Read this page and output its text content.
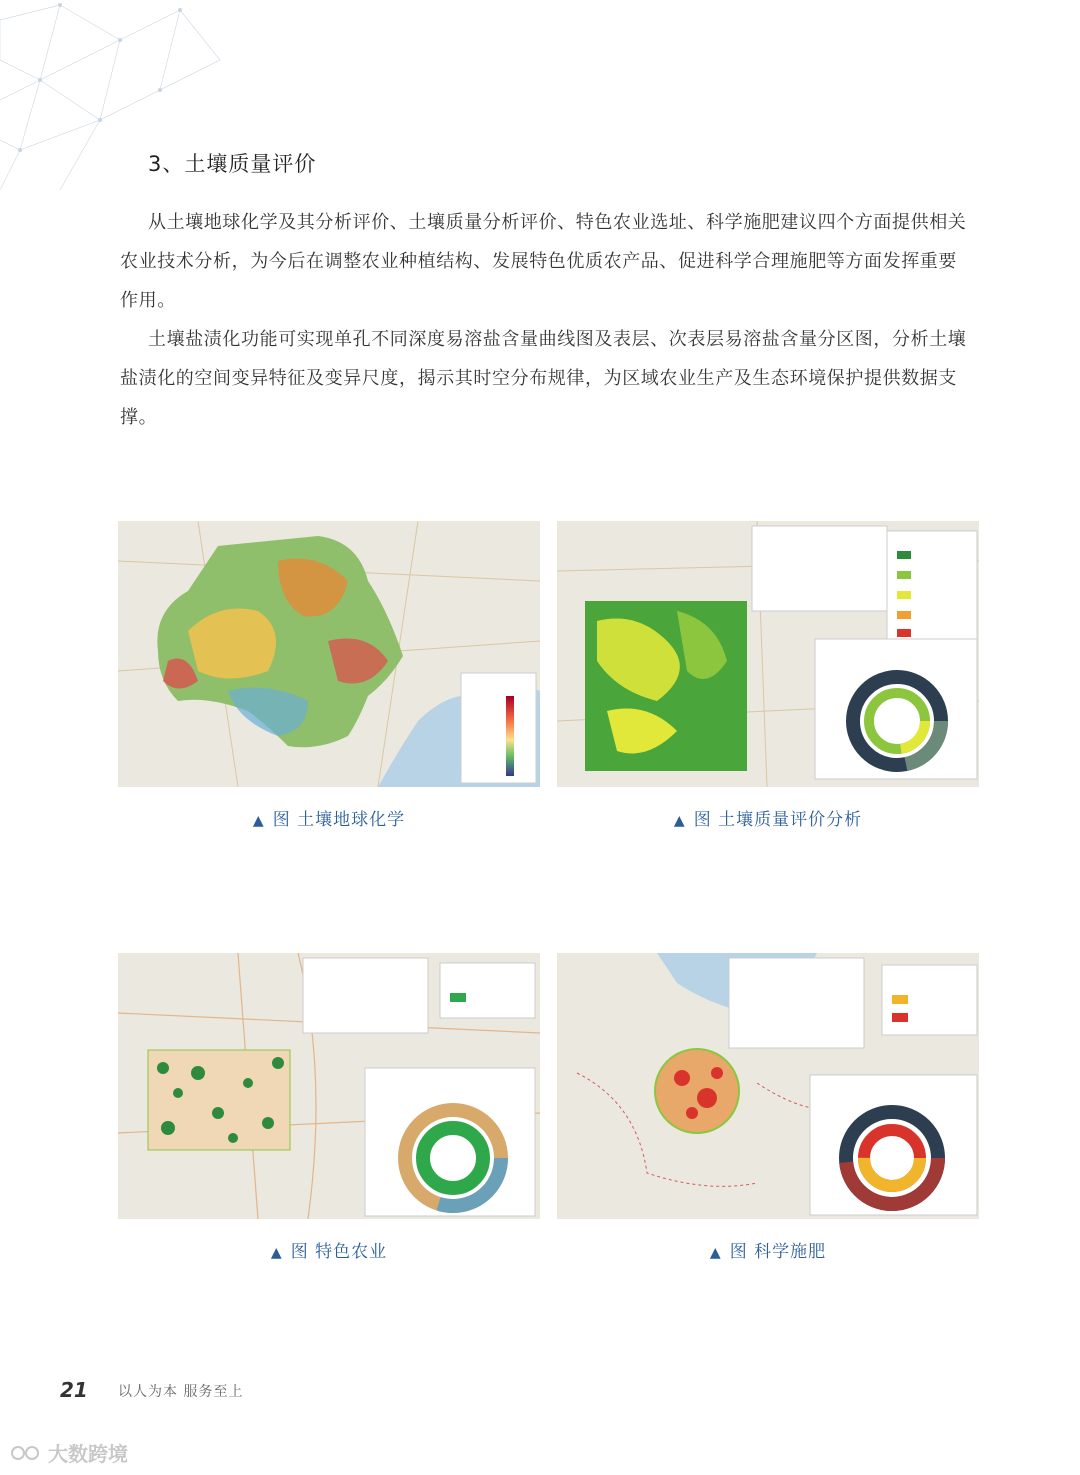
3、土壤质量评价

从土壤地球化学及其分析评价、土壤质量分析评价、特色农业选址、科学施肥建议四个方面提供相关农业技术分析，为今后在调整农业种植结构、发展特色优质农产品、促进科学合理施肥等方面发挥重要作用。

土壤盐渍化功能可实现单孔不同深度易溶盐含量曲线图及表层、次表层易溶盐含量分区图，分析土壤盐渍化的空间变异特征及变异尺度，揭示其时空分布规律，为区域农业生产及生态环境保护提供数据支撑。

▲ 图 土壤地球化学	▲ 图 土壤质量评价分析
▲ 图 特色农业	▲ 图 科学施肥
21 以人为本 服务至上
大数跨境
